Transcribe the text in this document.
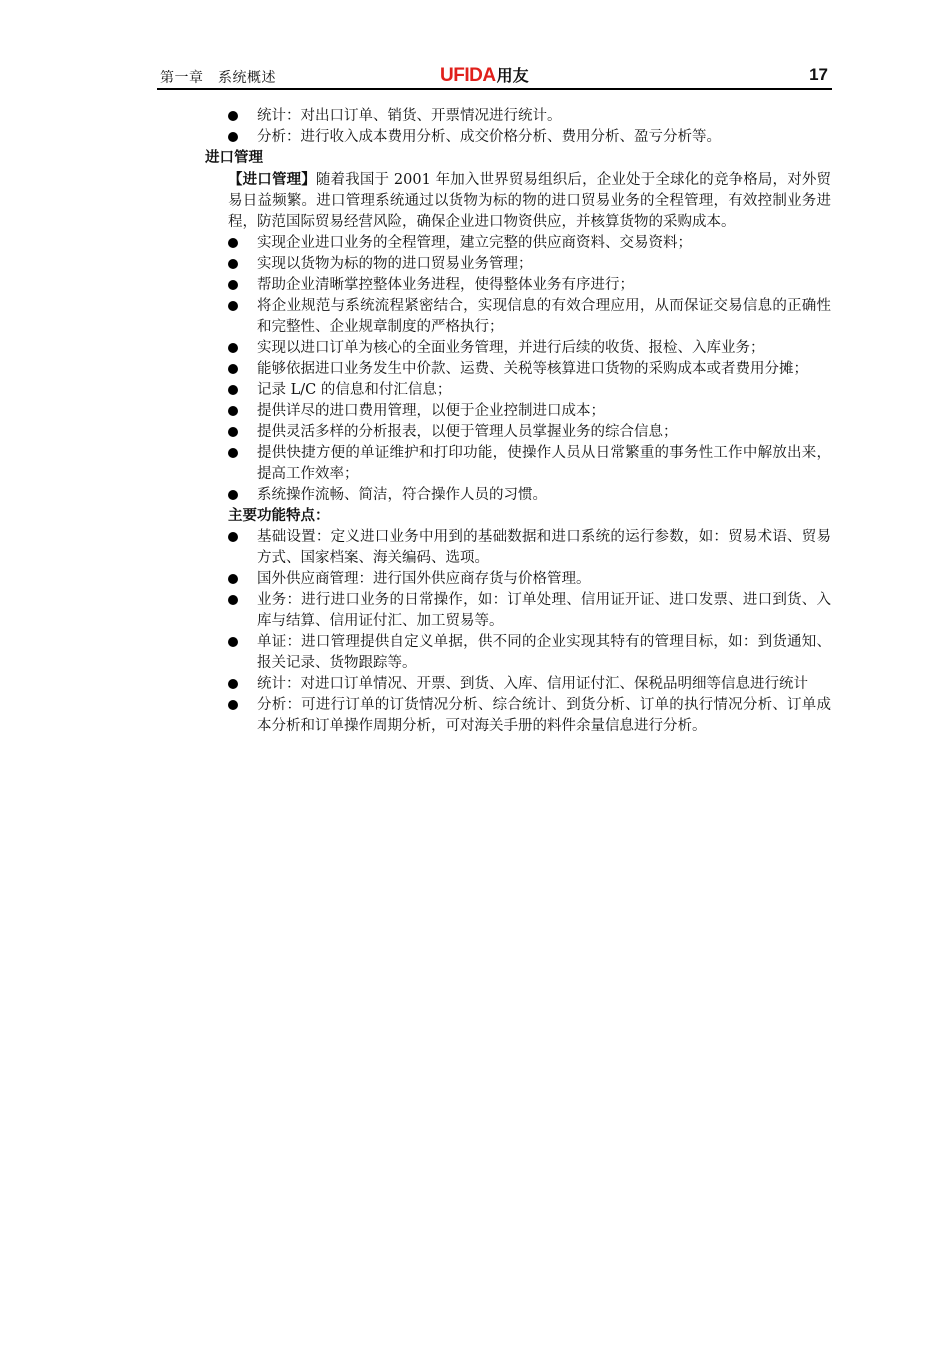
第一章　系统概述	UFIDA用友	17
统计：对出口订单、销货、开票情况进行统计。
分析：进行收入成本费用分析、成交价格分析、费用分析、盈亏分析等。

进口管理

【进口管理】随着我国于 2001 年加入世界贸易组织后，企业处于全球化的竞争格局，对外贸易日益频繁。进口管理系统通过以货物为标的物的进口贸易业务的全程管理，有效控制业务进程，防范国际贸易经营风险，确保企业进口物资供应，并核算货物的采购成本。

实现企业进口业务的全程管理，建立完整的供应商资料、交易资料；
实现以货物为标的物的进口贸易业务管理；
帮助企业清晰掌控整体业务进程，使得整体业务有序进行；
将企业规范与系统流程紧密结合，实现信息的有效合理应用，从而保证交易信息的正确性和完整性、企业规章制度的严格执行；
实现以进口订单为核心的全面业务管理，并进行后续的收货、报检、入库业务；
能够依据进口业务发生中价款、运费、关税等核算进口货物的采购成本或者费用分摊；
记录 L/C 的信息和付汇信息；
提供详尽的进口费用管理，以便于企业控制进口成本；
提供灵活多样的分析报表，以便于管理人员掌握业务的综合信息；
提供快捷方便的单证维护和打印功能，使操作人员从日常繁重的事务性工作中解放出来，提高工作效率；
系统操作流畅、简洁，符合操作人员的习惯。

主要功能特点：

基础设置：定义进口业务中用到的基础数据和进口系统的运行参数，如：贸易术语、贸易方式、国家档案、海关编码、选项。
国外供应商管理：进行国外供应商存货与价格管理。
业务：进行进口业务的日常操作，如：订单处理、信用证开证、进口发票、进口到货、入库与结算、信用证付汇、加工贸易等。
单证：进口管理提供自定义单据，供不同的企业实现其特有的管理目标，如：到货通知、报关记录、货物跟踪等。
统计：对进口订单情况、开票、到货、入库、信用证付汇、保税品明细等信息进行统计
分析：可进行订单的订货情况分析、综合统计、到货分析、订单的执行情况分析、订单成本分析和订单操作周期分析，可对海关手册的料件余量信息进行分析。
